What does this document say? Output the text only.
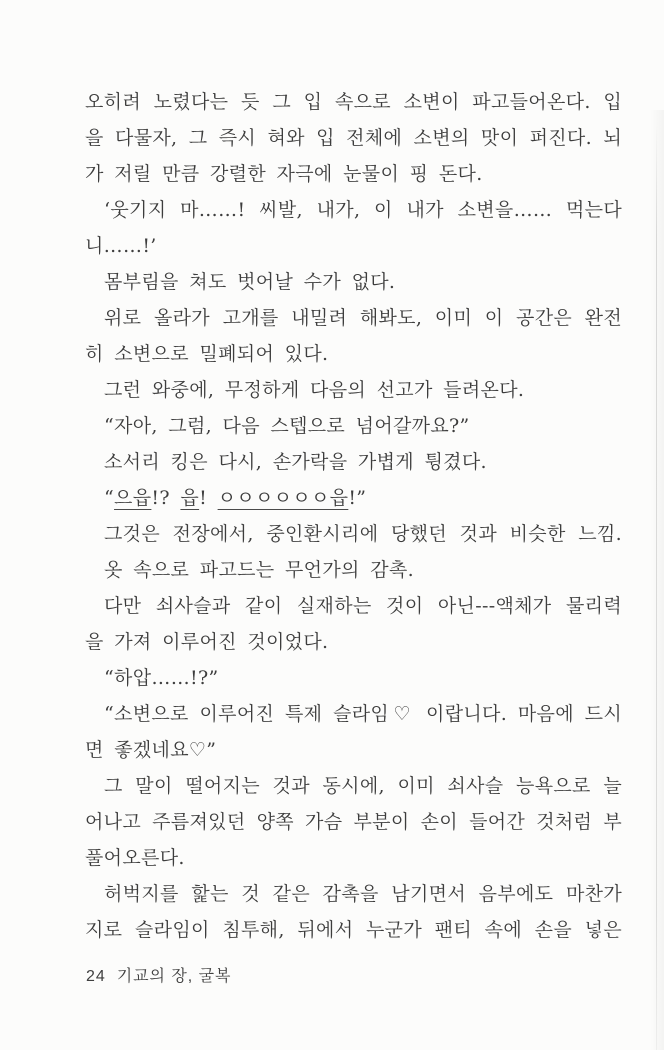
오히려 노렸다는 듯 그 입 속으로 소변이 파고들어온다. 입
을 다물자, 그 즉시 혀와 입 전체에 소변의 맛이 퍼진다. 뇌
가 저릴 만큼 강렬한 자극에 눈물이 핑 돈다.
‘웃기지 마……! 씨발, 내가, 이 내가 소변을…… 먹는다
니……!’
몸부림을 쳐도 벗어날 수가 없다.
위로 올라가 고개를 내밀려 해봐도, 이미 이 공간은 완전
히 소변으로 밀폐되어 있다.
그런 와중에, 무정하게 다음의 선고가 들려온다.
“자아, 그럼, 다음 스텝으로 넘어갈까요?”
소서리 킹은 다시, 손가락을 가볍게 튕겼다.
“으읍!? 읍! ㅇㅇㅇㅇㅇㅇ읍!”
그것은 전장에서, 중인환시리에 당했던 것과 비슷한 느낌.
옷 속으로 파고드는 무언가의 감촉.
다만 쇠사슬과 같이 실재하는 것이 아닌---액체가 물리력
을 가져 이루어진 것이었다.
“하압……!?”
“소변으로 이루어진 특제 슬라임♡ 이랍니다. 마음에 드시
면 좋겠네요♡”
그 말이 떨어지는 것과 동시에, 이미 쇠사슬 능욕으로 늘
어나고 주름져있던 양쪽 가슴 부분이 손이 들어간 것처럼 부
풀어오른다.
허벅지를 핥는 것 같은 감촉을 남기면서 음부에도 마찬가
지로 슬라임이 침투해, 뒤에서 누군가 팬티 속에 손을 넣은
24 기교의 장, 굴복
